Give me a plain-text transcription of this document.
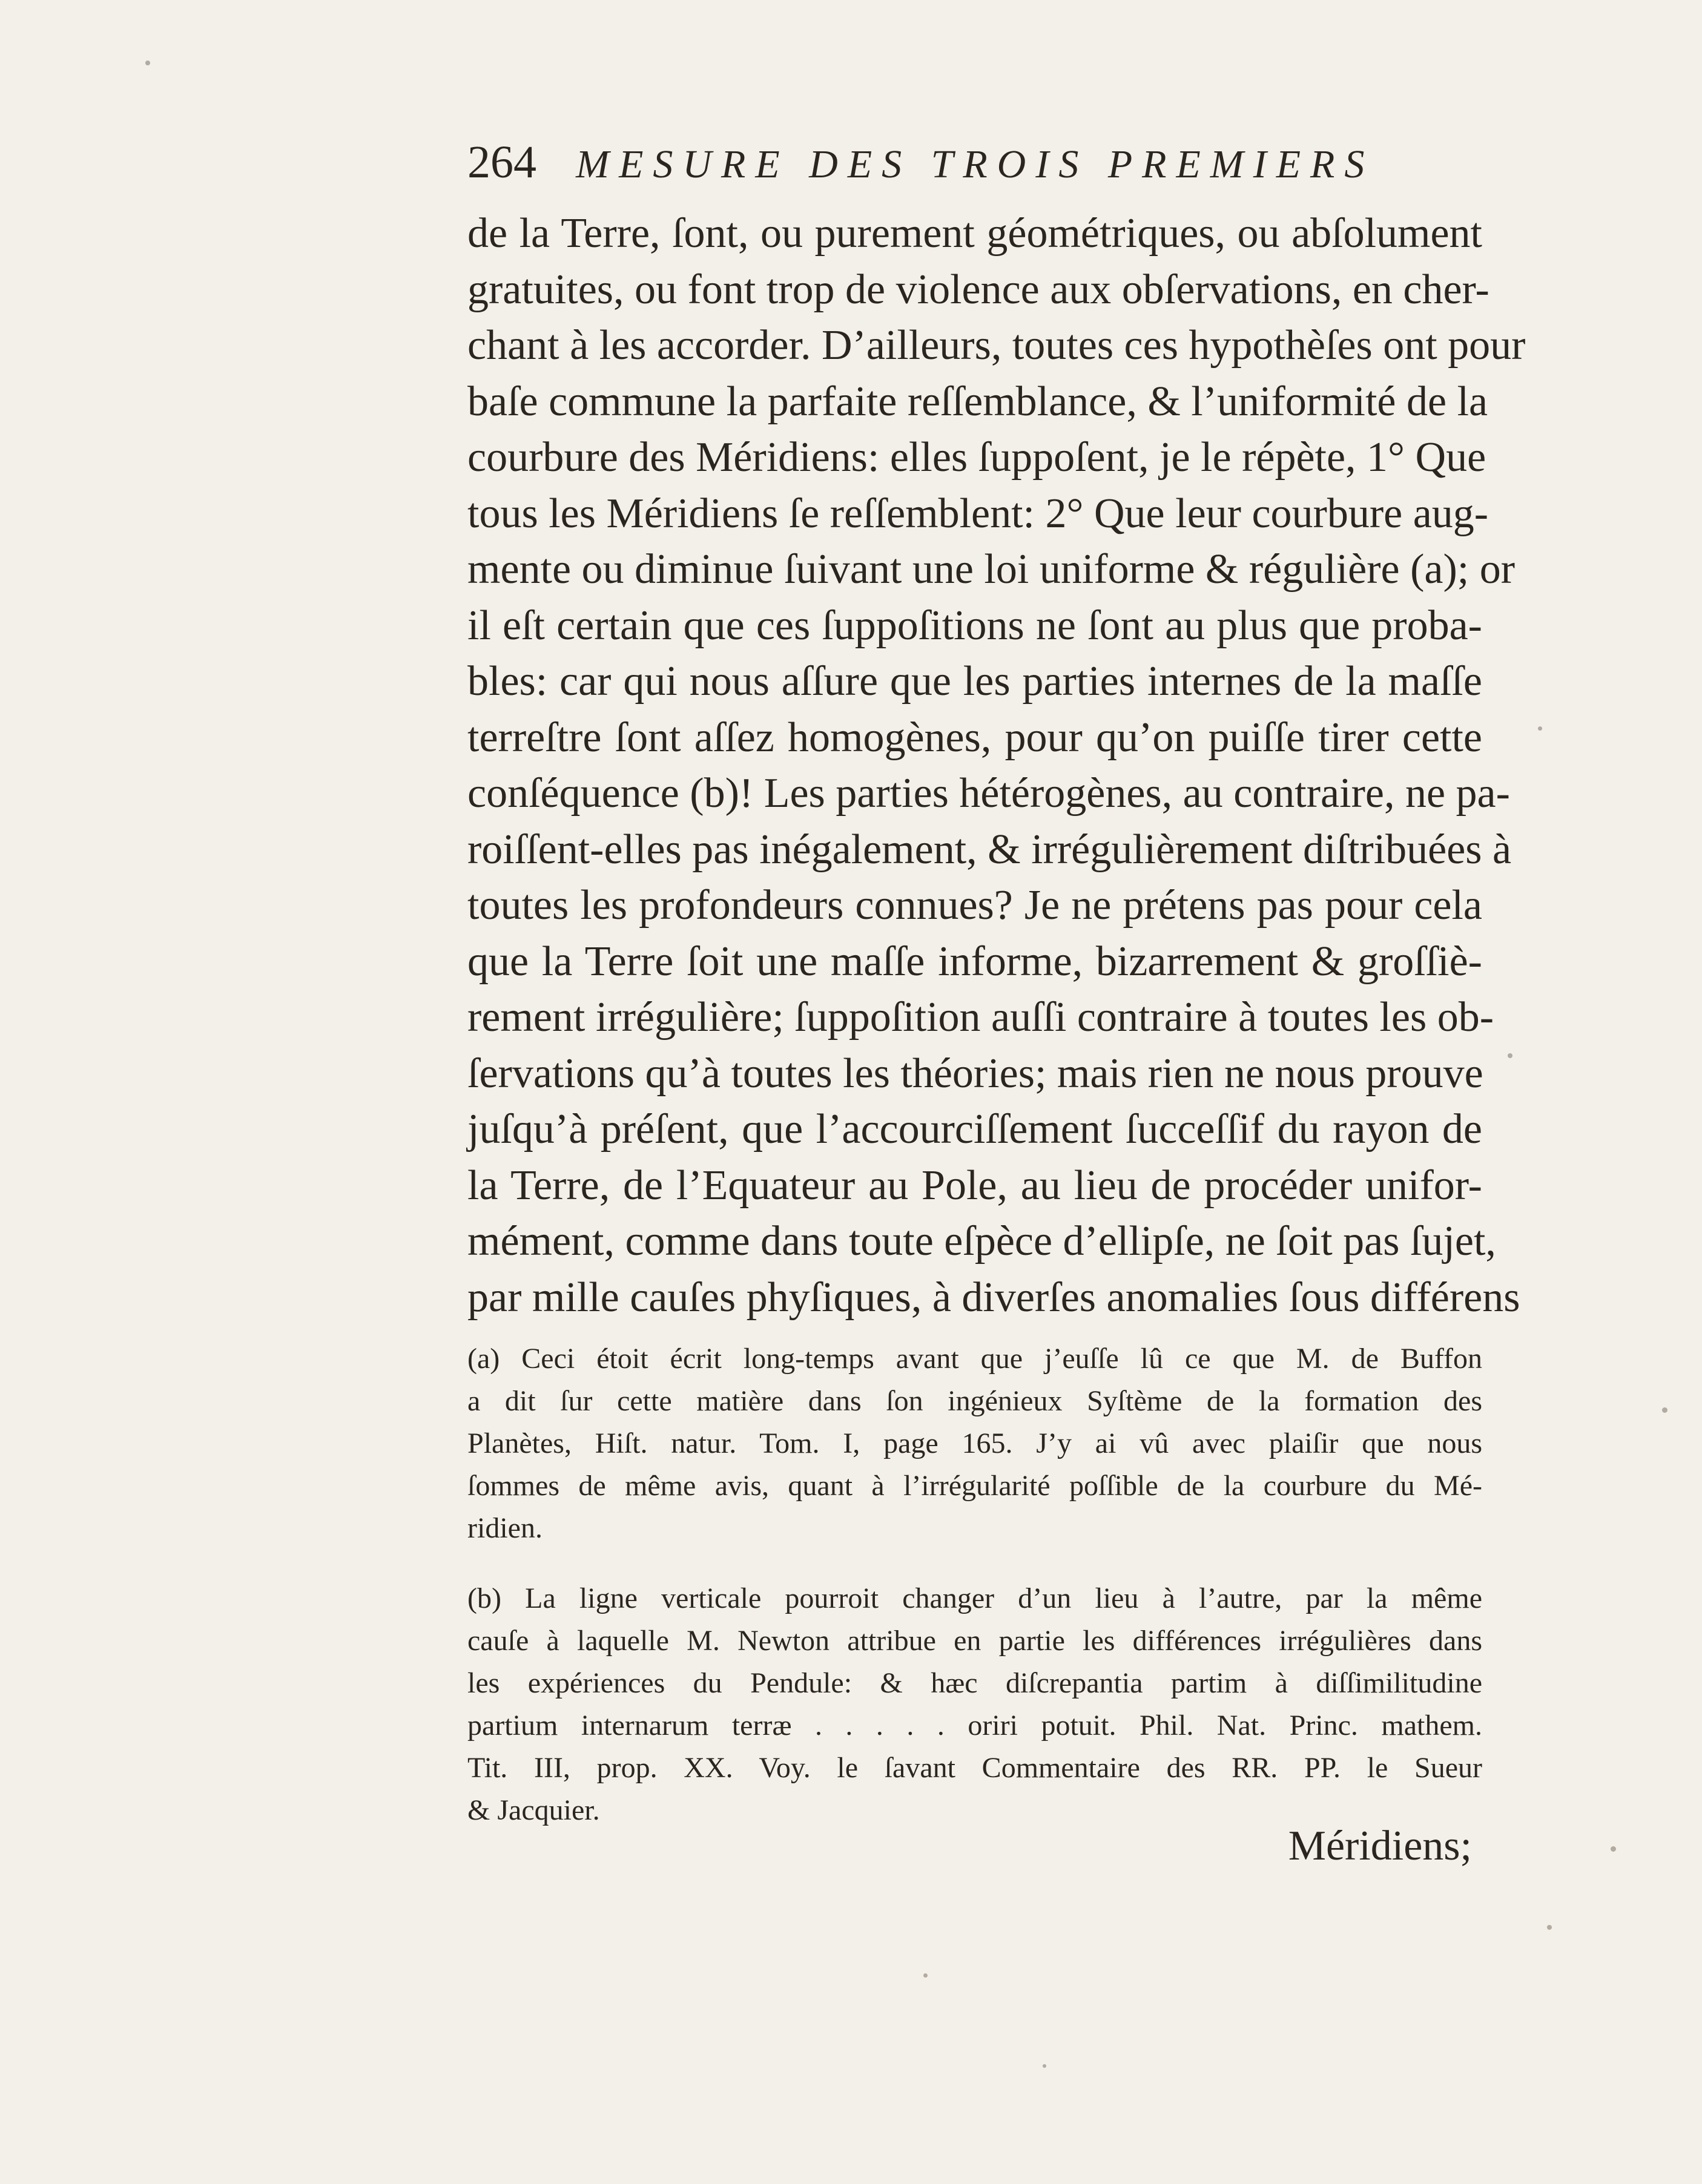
264 MESURE DES TROIS PREMIERS
de la Terre, ſont, ou purement géométriques, ou abſolument
gratuites, ou font trop de violence aux obſervations, en cher-
chant à les accorder. D’ailleurs, toutes ces hypothèſes ont pour
baſe commune la parfaite reſſemblance, & l’uniformité de la
courbure des Méridiens: elles ſuppoſent, je le répète, 1° Que
tous les Méridiens ſe reſſemblent: 2° Que leur courbure aug-
mente ou diminue ſuivant une loi uniforme & régulière (a); or
il eſt certain que ces ſuppoſitions ne ſont au plus que proba-
bles: car qui nous aſſure que les parties internes de la maſſe
terreſtre ſont aſſez homogènes, pour qu’on puiſſe tirer cette
conſéquence (b)! Les parties hétérogènes, au contraire, ne pa-
roiſſent-elles pas inégalement, & irrégulièrement diſtribuées à
toutes les profondeurs connues? Je ne prétens pas pour cela
que la Terre ſoit une maſſe informe, bizarrement & groſſiè-
rement irrégulière; ſuppoſition auſſi contraire à toutes les ob-
ſervations qu’à toutes les théories; mais rien ne nous prouve
juſqu’à préſent, que l’accourciſſement ſucceſſif du rayon de
la Terre, de l’Equateur au Pole, au lieu de procéder unifor-
mément, comme dans toute eſpèce d’ellipſe, ne ſoit pas ſujet,
par mille cauſes phyſiques, à diverſes anomalies ſous différens
(a) Ceci étoit écrit long-temps avant que j’euſſe lû ce que M. de Buffon
a dit ſur cette matière dans ſon ingénieux Syſtème de la formation des
Planètes, Hiſt. natur. Tom. I, page 165. J’y ai vû avec plaiſir que nous
ſommes de même avis, quant à l’irrégularité poſſible de la courbure du Mé-
ridien.
(b) La ligne verticale pourroit changer d’un lieu à l’autre, par la même
cauſe à laquelle M. Newton attribue en partie les différences irrégulières dans
les expériences du Pendule: & hæc diſcrepantia partim à diſſimilitudine
partium internarum terræ . . . . . oriri potuit. Phil. Nat. Princ. mathem.
Tit. III, prop. XX. Voy. le ſavant Commentaire des RR. PP. le Sueur
& Jacquier.
Méridiens;
